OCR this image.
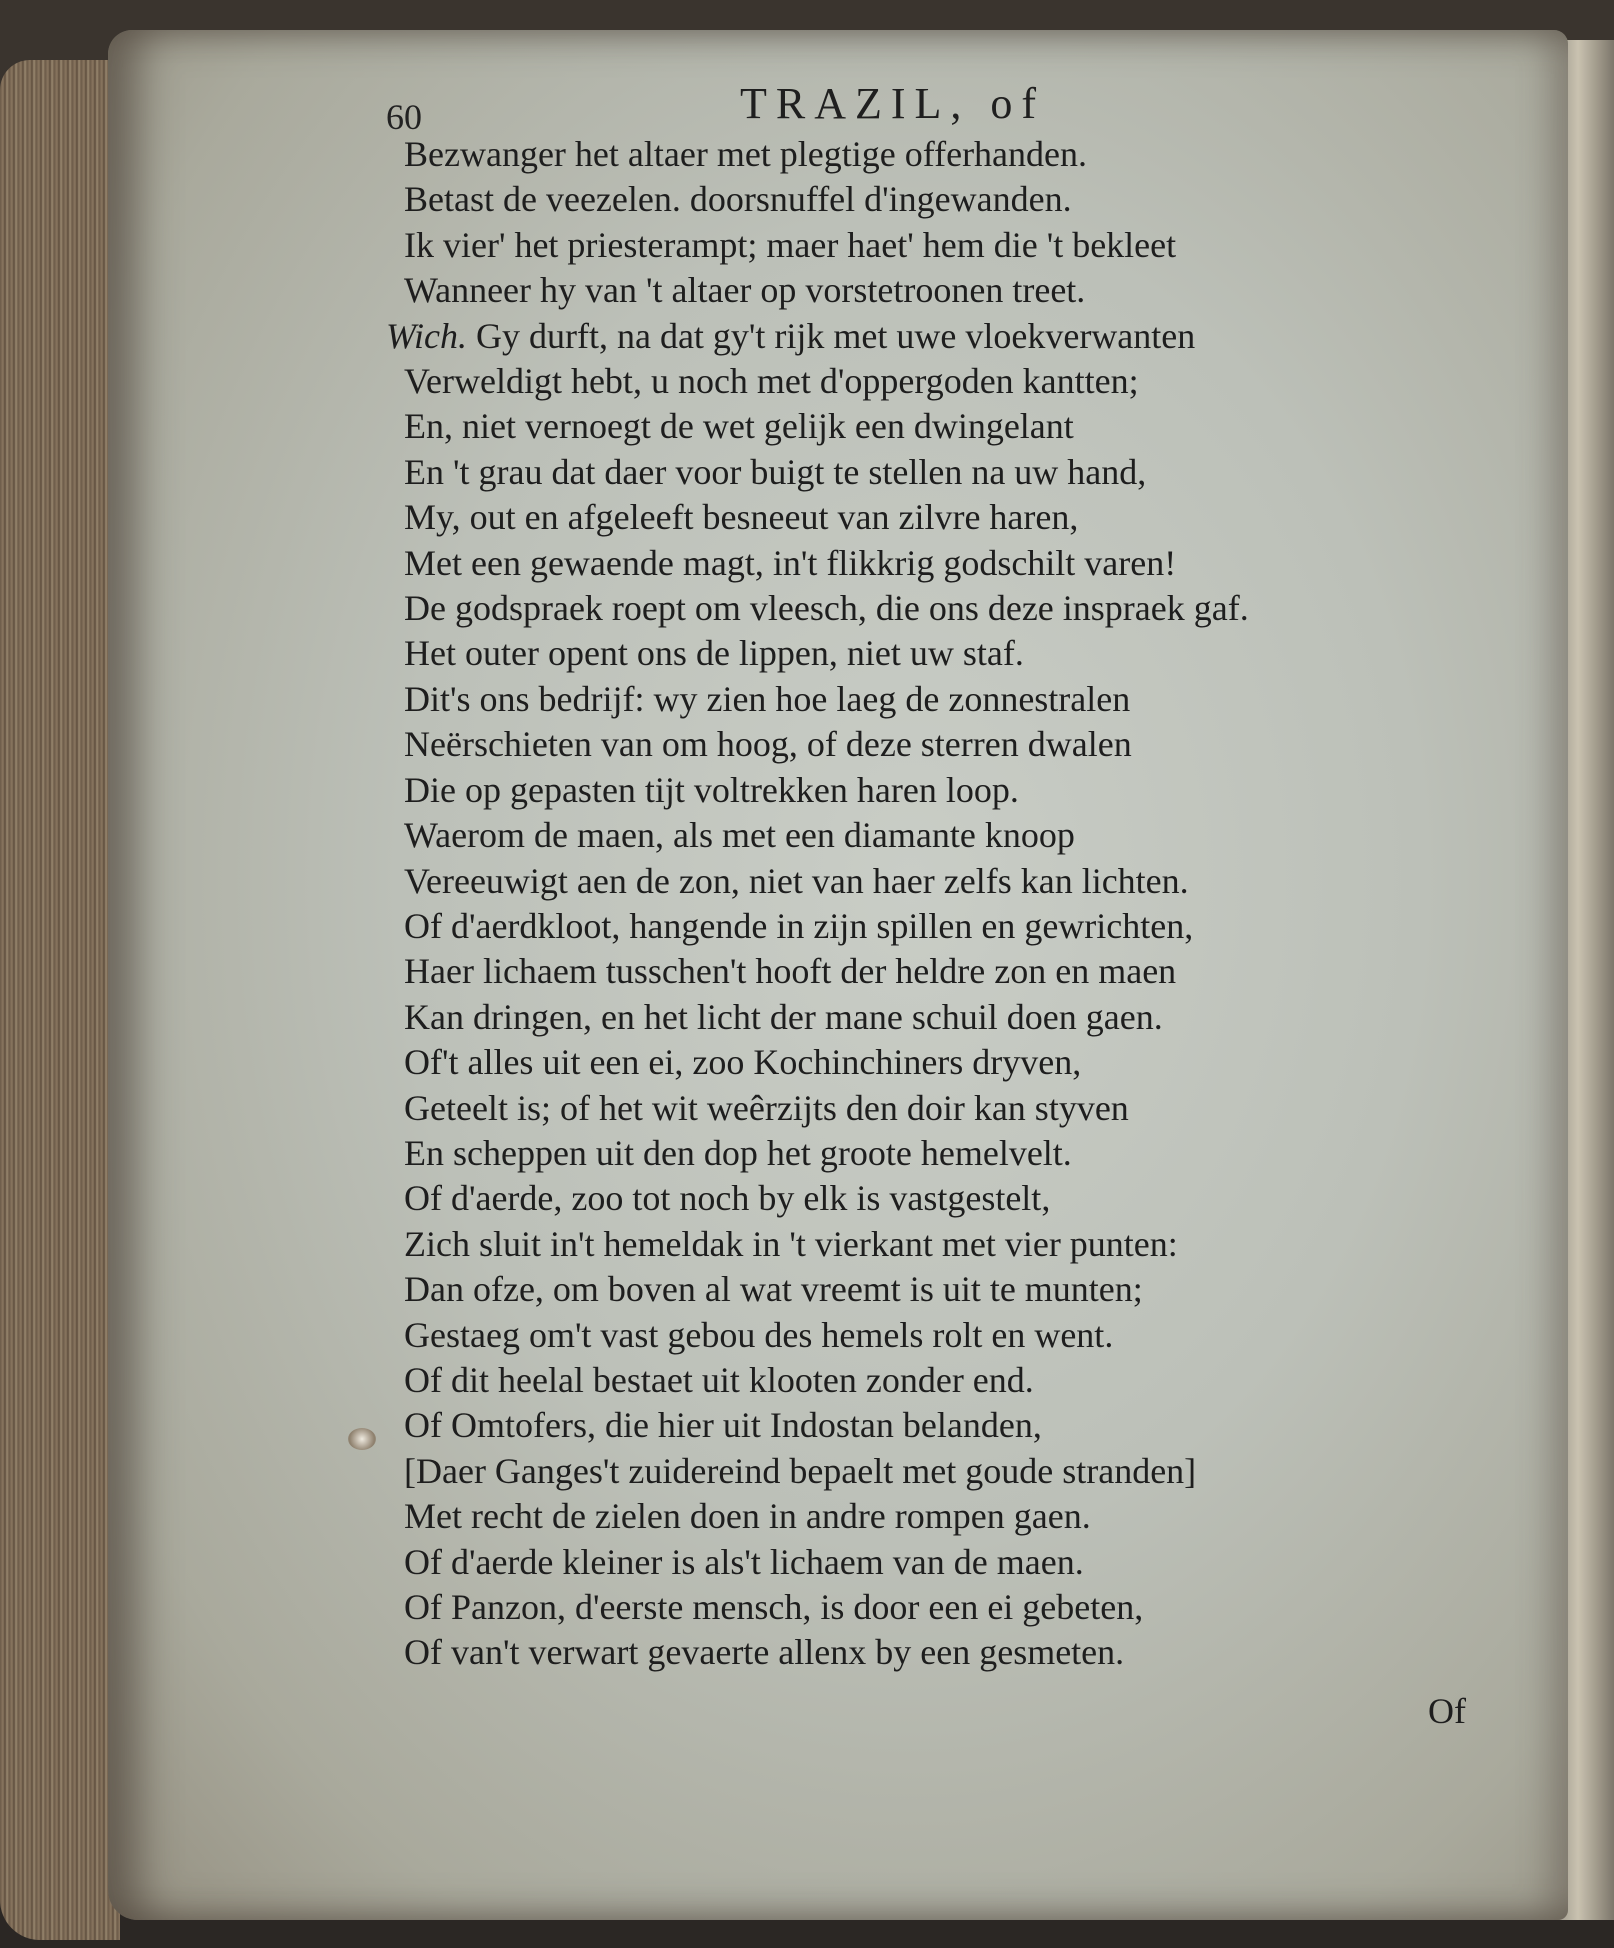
60	TRAZIL, of
Bezwanger het altaer met plegtige offerhanden.
Betast de veezelen. doorsnuffel d'ingewanden.
Ik vier' het priesterampt; maer haet' hem die 't bekleet
Wanneer hy van 't altaer op vorstetroonen treet.
Wich. Gy durft, na dat gy't rijk met uwe vloekverwanten
Verweldigt hebt, u noch met d'oppergoden kantten;
En, niet vernoegt de wet gelijk een dwingelant
En 't grau dat daer voor buigt te stellen na uw hand,
My, out en afgeleeft besneeut van zilvre haren,
Met een gewaende magt, in't flikkrig godschilt varen!
De godspraek roept om vleesch, die ons deze inspraek gaf.
Het outer opent ons de lippen, niet uw staf.
Dit's ons bedrijf: wy zien hoe laeg de zonnestralen
Neërschieten van om hoog, of deze sterren dwalen
Die op gepasten tijt voltrekken haren loop.
Waerom de maen, als met een diamante knoop
Vereeuwigt aen de zon, niet van haer zelfs kan lichten.
Of d'aerdkloot, hangende in zijn spillen en gewrichten,
Haer lichaem tusschen't hooft der heldre zon en maen
Kan dringen, en het licht der mane schuil doen gaen.
Of't alles uit een ei, zoo Kochinchiners dryven,
Geteelt is; of het wit weêrzijts den doir kan styven
En scheppen uit den dop het groote hemelvelt.
Of d'aerde, zoo tot noch by elk is vastgestelt,
Zich sluit in't hemeldak in 't vierkant met vier punten:
Dan ofze, om boven al wat vreemt is uit te munten;
Gestaeg om't vast gebou des hemels rolt en went.
Of dit heelal bestaet uit klooten zonder end.
Of Omtofers, die hier uit Indostan belanden,
[Daer Ganges't zuidereind bepaelt met goude stranden]
Met recht de zielen doen in andre rompen gaen.
Of d'aerde kleiner is als't lichaem van de maen.
Of Panzon, d'eerste mensch, is door een ei gebeten,
Of van't verwart gevaerte allenx by een gesmeten.
Of
